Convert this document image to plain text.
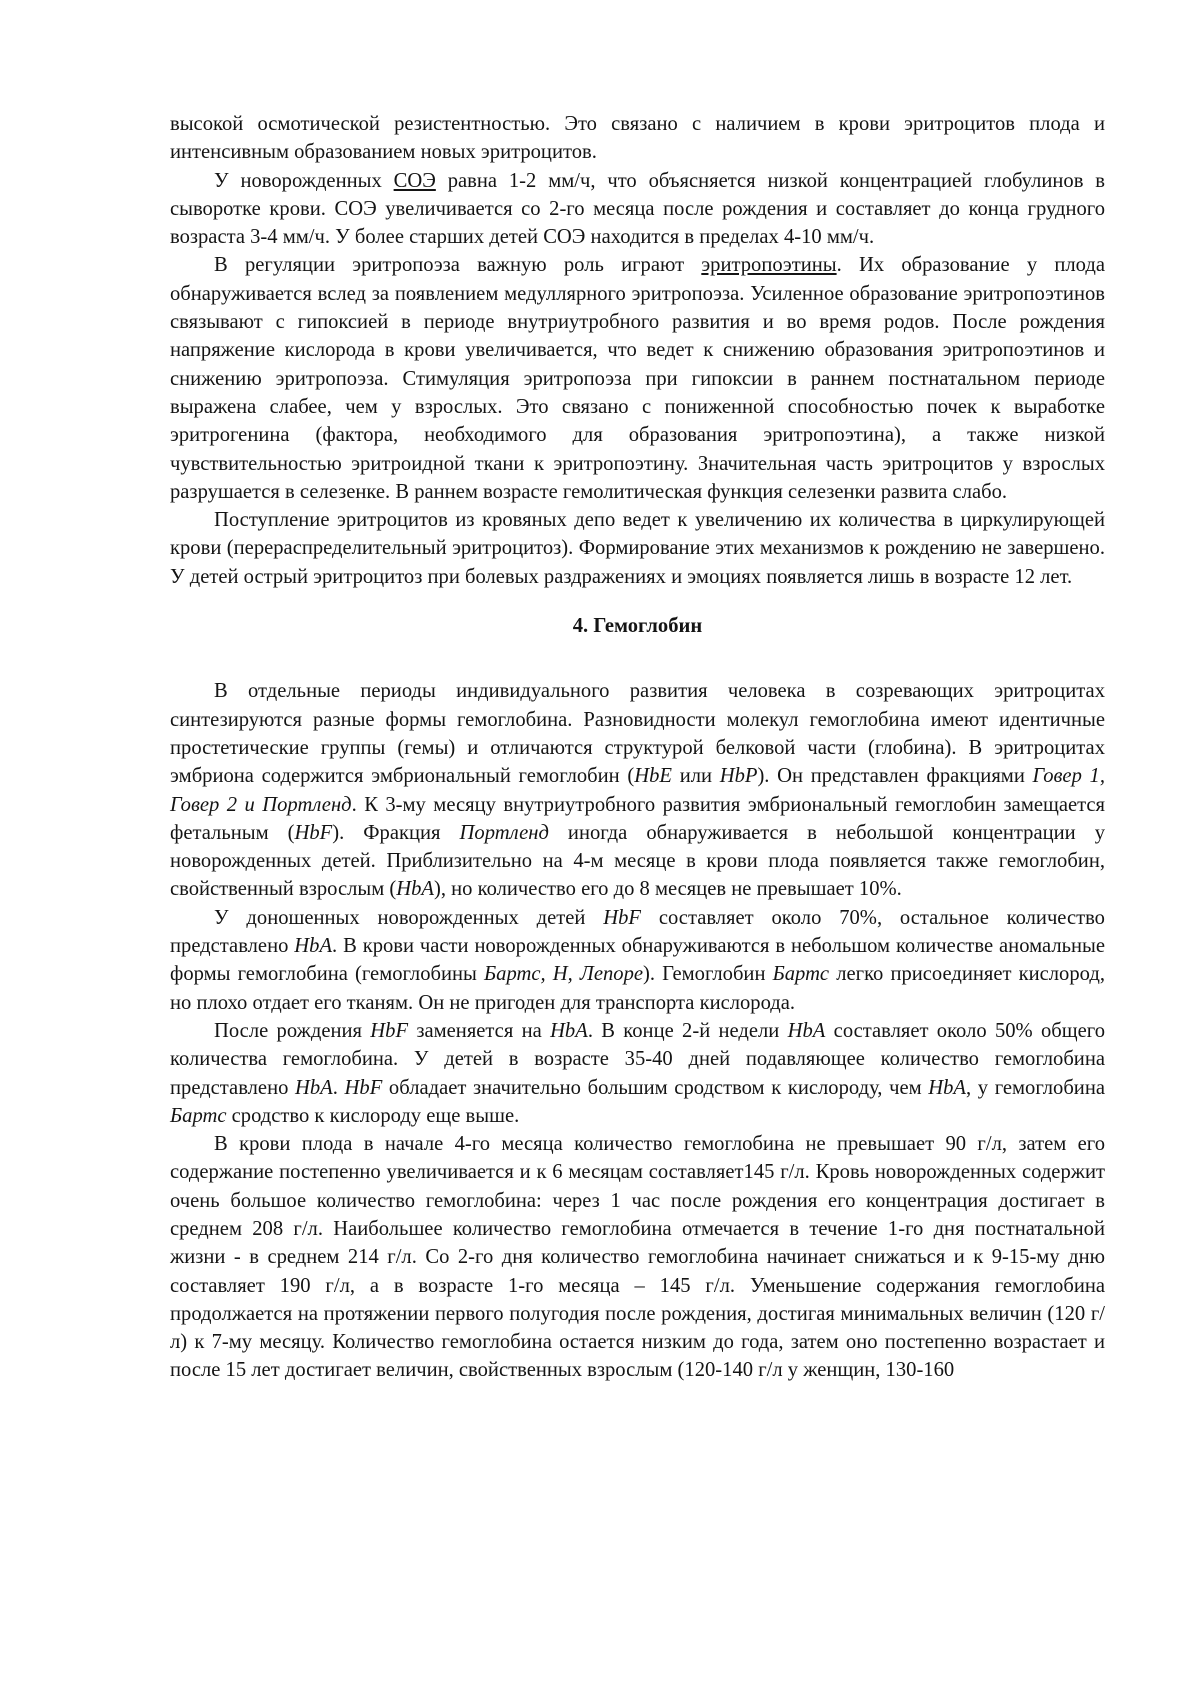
высокой осмотической резистентностью. Это связано с наличием в крови эритроцитов плода и интенсивным образованием новых эритроцитов.

У новорожденных СОЭ равна 1-2 мм/ч, что объясняется низкой концентрацией глобулинов в сыворотке крови. СОЭ увеличивается со 2-го месяца после рождения и составляет до конца грудного возраста 3-4 мм/ч. У более старших детей СОЭ находится в пределах 4-10 мм/ч.

В регуляции эритропоэза важную роль играют эритропоэтины. Их образование у плода обнаруживается вслед за появлением медуллярного эритропоэза. Усиленное образование эритропоэтинов связывают с гипоксией в периоде внутриутробного развития и во время родов. После рождения напряжение кислорода в крови увеличивается, что ведет к снижению образования эритропоэтинов и снижению эритропоэза. Стимуляция эритропоэза при гипоксии в раннем постнатальном периоде выражена слабее, чем у взрослых. Это связано с пониженной способностью почек к выработке эритрогенина (фактора, необходимого для образования эритропоэтина), а также низкой чувствительностью эритроидной ткани к эритропоэтину. Значительная часть эритроцитов у взрослых разрушается в селезенке. В раннем возрасте гемолитическая функция селезенки развита слабо.

Поступление эритроцитов из кровяных депо ведет к увеличению их количества в циркулирующей крови (перераспределительный эритроцитоз). Формирование этих механизмов к рождению не завершено. У детей острый эритроцитоз при болевых раздражениях и эмоциях появляется лишь в возрасте 12 лет.

4. Гемоглобин

В отдельные периоды индивидуального развития человека в созревающих эритроцитах синтезируются разные формы гемоглобина. Разновидности молекул гемоглобина имеют идентичные простетические группы (гемы) и отличаются структурой белковой части (глобина). В эритроцитах эмбриона содержится эмбриональный гемоглобин (HbE или HbP). Он представлен фракциями Говер 1, Говер 2 и Портленд. К 3-му месяцу внутриутробного развития эмбриональный гемоглобин замещается фетальным (HbF). Фракция Портленд иногда обнаруживается в небольшой концентрации у новорожденных детей. Приблизительно на 4-м месяце в крови плода появляется также гемоглобин, свойственный взрослым (HbA), но количество его до 8 месяцев не превышает 10%.

У доношенных новорожденных детей HbF составляет около 70%, остальное количество представлено HbA. В крови части новорожденных обнаруживаются в небольшом количестве аномальные формы гемоглобина (гемоглобины Бартс, Н, Лепоре). Гемоглобин Бартс легко присоединяет кислород, но плохо отдает его тканям. Он не пригоден для транспорта кислорода.

После рождения HbF заменяется на HbA. В конце 2-й недели HbA составляет около 50% общего количества гемоглобина. У детей в возрасте 35-40 дней подавляющее количество гемоглобина представлено HbA. HbF обладает значительно большим сродством к кислороду, чем HbA, у гемоглобина Бартс сродство к кислороду еще выше.

В крови плода в начале 4-го месяца количество гемоглобина не превышает 90 г/л, затем его содержание постепенно увеличивается и к 6 месяцам составляет145 г/л. Кровь новорожденных содержит очень большое количество гемоглобина: через 1 час после рождения его концентрация достигает в среднем 208 г/л. Наибольшее количество гемоглобина отмечается в течение 1-го дня постнатальной жизни - в среднем 214 г/л. Со 2-го дня количество гемоглобина начинает снижаться и к 9-15-му дню составляет 190 г/л, а в возрасте 1-го месяца – 145 г/л. Уменьшение содержания гемоглобина продолжается на протяжении первого полугодия после рождения, достигая минимальных величин (120 г/л) к 7-му месяцу. Количество гемоглобина остается низким до года, затем оно постепенно возрастает и после 15 лет достигает величин, свойственных взрослым (120-140 г/л у женщин, 130-160
